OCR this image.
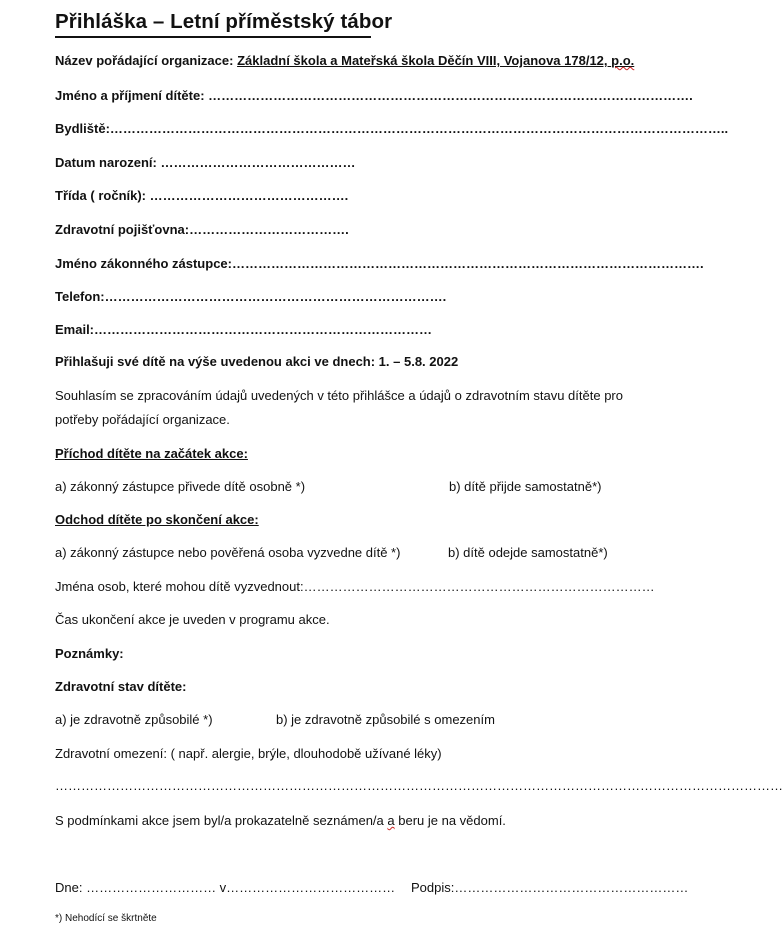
Přihláška – Letní příměstský tábor
Název pořádající organizace: Základní škola a Mateřská škola Děčín VIII, Vojanova 178/12, p.o.
Jméno a příjmení dítěte: ………………………………………………………………………………………………….
Bydliště:……………………………………………………………………………………………………………………………..
Datum narození: ………………………………………
Třída ( ročník): ……………………………………….
Zdravotní pojišťovna:……………………………….
Jméno zákonného zástupce:……………………………………………………………………………………………….
Telefon:…………………………………………………………………….
Email:……………………………………………………………………
Přihlašuji své dítě na výše uvedenou akci ve dnech: 1. – 5.8. 2022
Souhlasím se zpracováním údajů uvedených v této přihlášce a údajů o zdravotním stavu dítěte pro
potřeby pořádající organizace.
Příchod dítěte na začátek akce:
a) zákonný zástupce přivede dítě osobně *)	b) dítě přijde samostatně*)
Odchod dítěte po skončení akce:
a) zákonný zástupce nebo pověřená osoba vyzvedne dítě *)	b) dítě odejde samostatně*)
Jména osob, které mohou dítě vyzvednout:………………………………………………………………………
Čas ukončení akce je uveden v programu akce.
Poznámky:
Zdravotní stav dítěte:
a) je zdravotně způsobilé *)	b) je zdravotně způsobilé s omezením
Zdravotní omezení: ( např. alergie, brýle, dlouhodobě užívané léky)
……………………………………………………………………………………………………………………………………………………
S podmínkami akce jsem byl/a prokazatelně seznámen/a a beru je na vědomí.
Dne: ………………………… v………………………………… Podpis:………………………………………………
*) Nehodící se škrtněte
